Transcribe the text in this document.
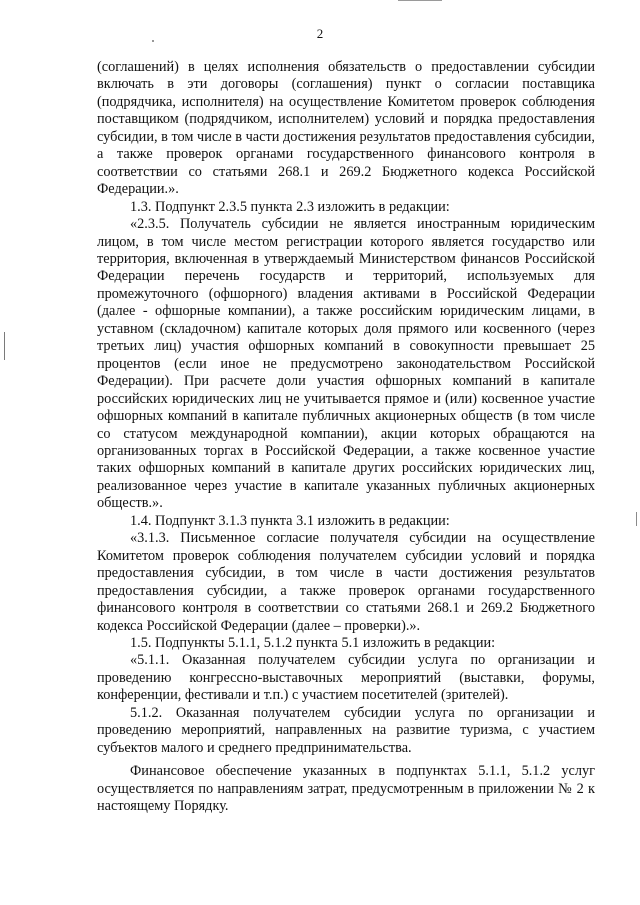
2

(соглашений) в целях исполнения обязательств о предоставлении субсидии включать в эти договоры (соглашения) пункт о согласии поставщика (подрядчика, исполнителя) на осуществление Комитетом проверок соблюдения поставщиком (подрядчиком, исполнителем) условий и порядка предоставления субсидии, в том числе в части достижения результатов предоставления субсидии, а также проверок органами государственного финансового контроля в соответствии со статьями 268.1 и 269.2 Бюджетного кодекса Российской Федерации.».

1.3. Подпункт 2.3.5 пункта 2.3 изложить в редакции:

«2.3.5. Получатель субсидии не является иностранным юридическим лицом, в том числе местом регистрации которого является государство или территория, включенная в утверждаемый Министерством финансов Российской Федерации перечень государств и территорий, используемых для промежуточного (офшорного) владения активами в Российской Федерации (далее - офшорные компании), а также российским юридическим лицами, в уставном (складочном) капитале которых доля прямого или косвенного (через третьих лиц) участия офшорных компаний в совокупности превышает 25 процентов (если иное не предусмотрено законодательством Российской Федерации). При расчете доли участия офшорных компаний в капитале российских юридических лиц не учитывается прямое и (или) косвенное участие офшорных компаний в капитале публичных акционерных обществ (в том числе со статусом международной компании), акции которых обращаются на организованных торгах в Российской Федерации, а также косвенное участие таких офшорных компаний в капитале других российских юридических лиц, реализованное через участие в капитале указанных публичных акционерных обществ.».

1.4. Подпункт 3.1.3 пункта 3.1 изложить в редакции:

«3.1.3. Письменное согласие получателя субсидии на осуществление Комитетом проверок соблюдения получателем субсидии условий и порядка предоставления субсидии, в том числе в части достижения результатов предоставления субсидии, а также проверок органами государственного финансового контроля в соответствии со статьями 268.1 и 269.2 Бюджетного кодекса Российской Федерации (далее – проверки).».

1.5. Подпункты 5.1.1, 5.1.2 пункта 5.1 изложить в редакции:

«5.1.1. Оказанная получателем субсидии услуга по организации и проведению конгрессно-выставочных мероприятий (выставки, форумы, конференции, фестивали и т.п.) с участием посетителей (зрителей).

5.1.2. Оказанная получателем субсидии услуга по организации и проведению мероприятий, направленных на развитие туризма, с участием субъектов малого и среднего предпринимательства.

Финансовое обеспечение указанных в подпунктах 5.1.1, 5.1.2 услуг осуществляется по направлениям затрат, предусмотренным в приложении № 2 к настоящему Порядку.
